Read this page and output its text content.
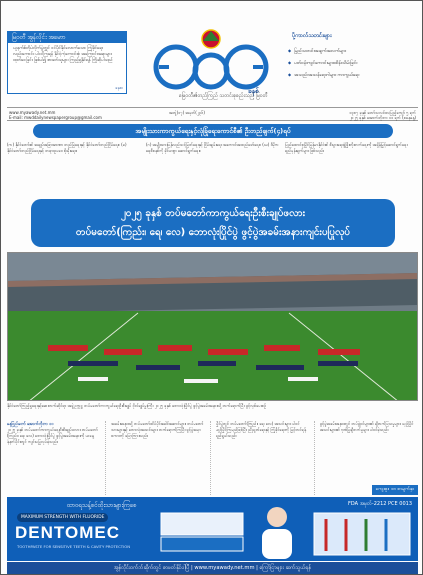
မြဝတီ အွန်လိုင်း အမောာ
ယူနက်စ်တိုပဲလိုက်ပွဲတွင် ဝင်ပိုင်နိုင်လောက်သော ကြံ့ခိုင်ရေး လည်းကောင်း ပါဝင်ကြရန် နိုင်ငံ့ကံ့ကောင်းစုံ အကြောင်းအရာများ ထုတ်ဝေခြင်း ဖြစ်ပါ၍ စာဖတ်သူများ ကြည့်ရှုနိုင်ရန် ကြိုဆိုပါသည်
ခနး၁	ခနစ်
မြေဝတီ၏တည်ကြည် သတင်းစုစည်းသည့် မြဝတီ
ပို့ကာလ်သတင်းများ
◆ မြည်သတင်းအချက်အလက်များ
◆ ပတ်ဝန်းကျင်ကောင်းများထိန်းသိမ်းခြင်း
◆ အသည်းအသန်ရောဂါများ ကာကွယ်ရေး
www.myawady.net.mm
E-mail: mwddailynewspapergroup@gmail.com
အတွဲ(၁၇) အမှတ်(၂၃၆)	၁၃၈၇ ခုနှစ် တော်သလင်းလပြည့်ကျော် ၅ ရက်
၂၀၂၅ ခုနှစ် အောက်တိုဘာ ၁၁ ရက် (စနေနေ့)
အမျိုးသားကာကွယ်ရေးနှင့်လုံခြုံရေးကောင်စီ၏ ဦးတည်ချက်(၄)ရပ်
(က) နိုင်ငံတော်၏ အချုပ်အခြာအာဏာ တည်မြဲရေးနှင့် နိုင်ငံတော်တည်ငြိမ်ရေး။ (ခ) နိုင်ငံတော်တည်ငြိမ်ရေးနှင့် တရားဥပဒေ စိုးမိုးရေး။
(ဂ) အမျိုးသားပြန်လည်သင့်မြတ်ရေးနှင့် ငြိမ်းချမ်းရေး အကောင်အထည်ဖော်ရေး။ (ဃ) ဒီမိုကရေစီစနစ်ကို ခိုင်မာစွာ ဆောင်ရွက်ရေး။
ပြည်ထောင်စုမြိုင်မြန်မာနိုင်ငံ၏ စီးပွားရေးဖွံ့ဖြိုးတိုးတက်ရေးကို အရှိန်မြှင့်ဆောင်ရွက်ရေး ရည်မှန်းချက်များ ဖြစ်သည်။
၂၀၂၅ ခုနှစ် တပ်မတော်ကာကွယ်ရေးဦးစီးချုပ်ဖလား
တပ်မတော်(ကြည်း၊ ရေ၊ လေ) ဘောလုံးပြိုင်ပွဲ ဖွင့်ပွဲအခမ်းအနားကျင်းပပြုလုပ်
နိုင်ငံတော်ကြည့်ရှုရေးနှင့်ဆေးဘက်ဆိုင်ရာ အဖွဲ့ဥက္ကဋ္ဌ တပ်မတော်ကာကွယ်ရေးဦးစီးချုပ် ဗိုလ်ချုပ်မှူးကြီး ၂၀၂၅ ခုနှစ် ဘောလုံးပြိုင်ပွဲ ဖွင့်ပွဲအခမ်းအနားသို့ တက်ရောက်ပြီး ဖွင့်လှစ်ပေးစဉ်
နေပြည်တော် အောက်တိုဘာ ၁၀
၂၀၂၅ ခုနှစ် တပ်မတော်ကာကွယ်ရေးဦးစီးချုပ်ဖလား တပ်မတော် (ကြည်း၊ ရေ၊ လေ) ဘောလုံးပြိုင်ပွဲ ဖွင့်ပွဲအခမ်းအနားကို ယနေ့ နံနက်ပိုင်းတွင် ကျင်းပပြုလုပ်ခဲ့သည်။
အခမ်းအနားသို့ တပ်မတော်ထိပ်ပိုင်းခေါင်းဆောင်များ၊ တပ်မတော်သားများနှင့် ဘောလုံးအသင်းများ တက်ရောက်ကြပြီး ဖွင့်ပွဲအမှာစကားကို ပြောကြားသည်။
ပြိုင်ပွဲတွင် တပ်မတော်(ကြည်း၊ ရေ၊ လေ) အသင်းများ ပါဝင်ယှဉ်ပြိုင်ကြမည်ဖြစ်ပြီး ညီညွတ်ရေးနှင့် ကြံ့ခိုင်ရေးကို မြှင့်တင်ရန် ရည်ရွယ်သည်။
ဖွင့်ပွဲအခမ်းအနားတွင် တပ်ဖွဲ့ဝင်များ၏ ချီတက်ပြသမှုများ၊ ယှဉ်ပြိုင်အသင်းများ၏ ဂုဏ်ပြုချီတက်မှုများ ပါဝင်ခဲ့သည်။
ကျေးဇူး၊ ၁၈ စာမျက်နှာ
ထာဝရသန့်စင်ထိုးသားများကြစေ
MAXIMUM STRENGTH WITH FLUORIDE
DENTOMEC
TOOTHPASTE FOR SENSITIVE TEETH & CAVITY PROTECTION
FDA အမှတ်-2212 PCE 0013
အွန်လိုင်းဝက်ဘ်ဆိုက်တွင် စာဖတ်နိုင်ပါပြီ | www.myawady.net.mm | ကြော်ငြာများ ဆက်သွယ်ရန်
